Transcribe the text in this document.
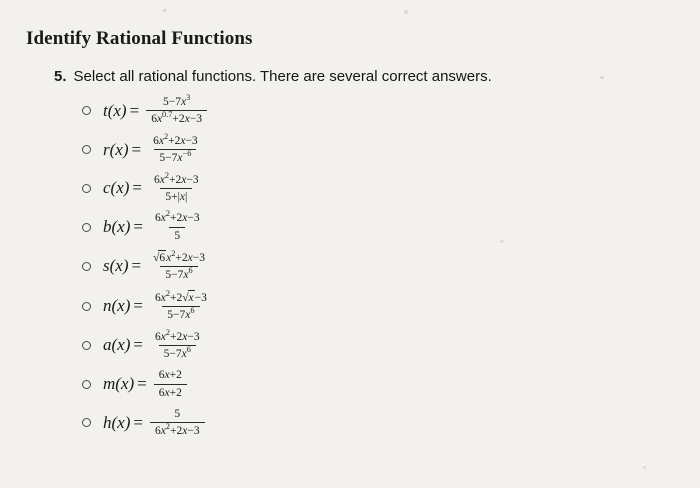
Identify Rational Functions
5. Select all rational functions. There are several correct answers.
$t(x) = \frac{5-7x^3}{6x^{0.7}+2x-3}$
$r(x) = \frac{6x^2+2x-3}{5-7x^{-6}}$
$c(x) = \frac{6x^2+2x-3}{5+|x|}$
$b(x) = \frac{6x^2+2x-3}{5}$
$s(x) = \frac{√6x^2+2x-3}{5-7x^6}$
$n(x) = \frac{6x^2+2√x-3}{5-7x^6}$
$a(x) = \frac{6x^2+2x-3}{5-7x^6}$
$m(x) = \frac{6x+2}{6x+2}$
$h(x) = \frac{5}{6x^2+2x-3}$
